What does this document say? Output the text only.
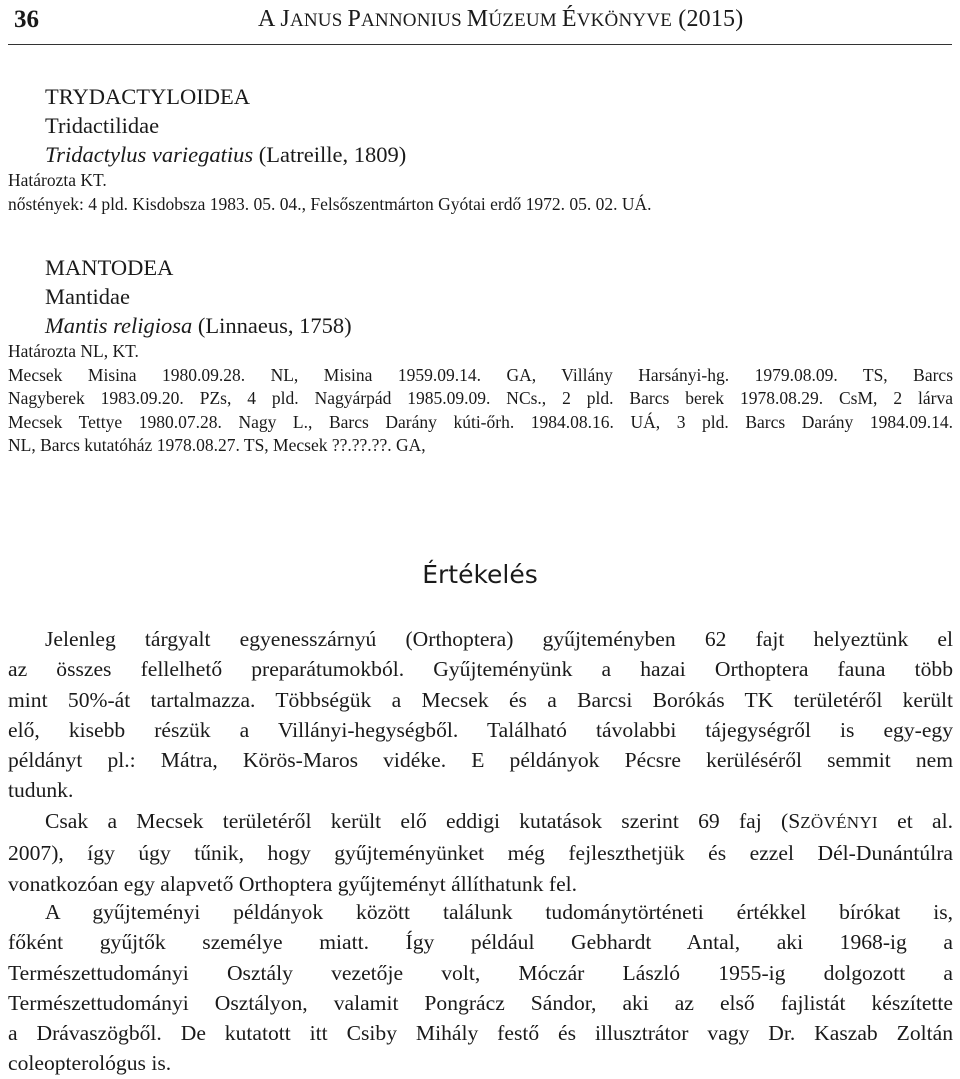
36	A JANUS PANNONIUS MÚZEUM ÉVKÖNYVE (2015)
TRYDACTYLOIDEA
Tridactilidae
Tridactylus variegatius (Latreille, 1809)
Határozta KT.
nőstények: 4 pld. Kisdobsza 1983. 05. 04., Felsőszentmárton Gyótai erdő 1972. 05. 02. UÁ.
MANTODEA
Mantidae
Mantis religiosa (Linnaeus, 1758)
Határozta NL, KT.
Mecsek Misina 1980.09.28. NL, Misina 1959.09.14. GA, Villány Harsányi-hg. 1979.08.09. TS, Barcs
Nagyberek 1983.09.20. PZs, 4 pld. Nagyárpád 1985.09.09. NCs., 2 pld. Barcs berek 1978.08.29. CsM, 2 lárva
Mecsek Tettye 1980.07.28. Nagy L., Barcs Darány kúti-őrh. 1984.08.16. UÁ, 3 pld. Barcs Darány 1984.09.14.
NL, Barcs kutatóház 1978.08.27. TS, Mecsek ??.??.??. GA,
Értékelés
Jelenleg tárgyalt egyenesszárnyú (Orthoptera) gyűjteményben 62 fajt helyeztünk el
az összes fellelhető preparátumokból. Gyűjteményünk a hazai Orthoptera fauna több
mint 50%-át tartalmazza. Többségük a Mecsek és a Barcsi Borókás TK területéről került
elő, kisebb részük a Villányi-hegységből. Található távolabbi tájegységről is egy-egy
példányt pl.: Mátra, Körös-Maros vidéke. E példányok Pécsre kerüléséről semmit nem
tudunk.
Csak a Mecsek területéről került elő eddigi kutatások szerint 69 faj (SZÖVÉNYI et al.
2007), így úgy tűnik, hogy gyűjteményünket még fejleszthetjük és ezzel Dél-Dunántúlra
vonatkozóan egy alapvető Orthoptera gyűjteményt állíthatunk fel.
A gyűjteményi példányok között találunk tudománytörténeti értékkel bírókat is,
főként gyűjtők személye miatt. Így például Gebhardt Antal, aki 1968-ig a
Természettudományi Osztály vezetője volt, Móczár László 1955-ig dolgozott a
Természettudományi Osztályon, valamit Pongrácz Sándor, aki az első fajlistát készítette
a Drávaszögből. De kutatott itt Csiby Mihály festő és illusztrátor vagy Dr. Kaszab Zoltán
coleopterológus is.
